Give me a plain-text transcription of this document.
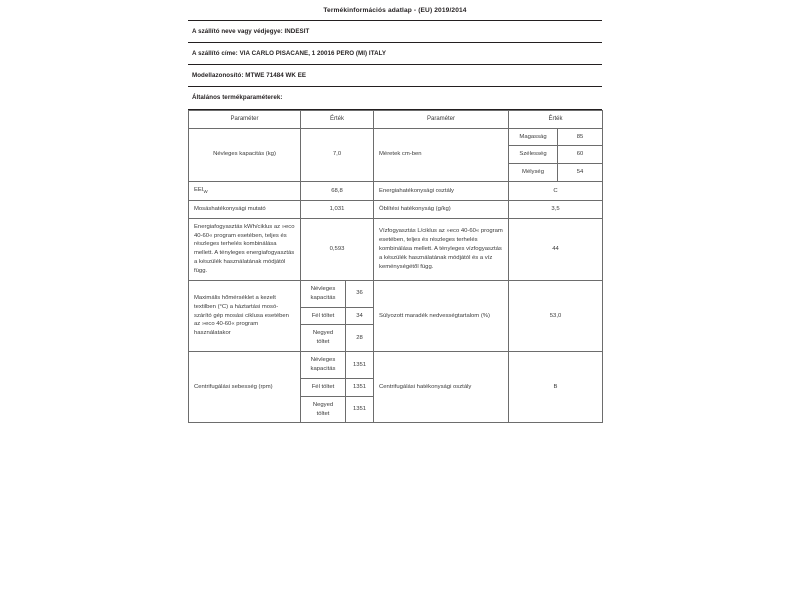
Termékinformációs adatlap - (EU) 2019/2014
A szállító neve vagy védjegye: INDESIT
A szállító címe: VIA CARLO PISACANE, 1 20016 PERO (MI) ITALY
Modellazonosító: MTWE 71484 WK EE
Általános termékparaméterek:
Paraméter	Érték		Paraméter	Érték	
Névleges kapacitás (kg)	7,0		Méretek cm-ben	Magasság	85
				Szélesség	60
				Mélység	54
$EEI_W$	68,8		Energiahatékonysági osztály	C	
Mosáshatékonysági mutató	1,031		Öblítési hatékonyság (g/kg)	3,5	
Energiafogyasztás kWh/ciklus az »eco 40-60« program esetében, teljes és részleges terhelés kombinálása mellett. A tényleges energiafogyasztás a készülék használatának módjától függ.	0,593		Vízfogyasztás L/ciklus az »eco 40-60« program esetében, teljes és részleges terhelés kombinálása mellett. A tényleges vízfogyasztás a készülék használatának módjától és a víz keménységétől függ.	44	
Maximális hőmérséklet a kezelt textilben (°C) a háztartási mosó-szárító gép mosási ciklusa esetében az »eco 40-60« program használatakor	Névleges kapacitás	36	Súlyozott maradék nedvességtartalom (%)	53,0	
	Fél töltet	34			
	Negyed töltet	28			
Centrifugálási sebesség (rpm)	Névleges kapacitás	1351	Centrifugálási hatékonysági osztály	B	
	Fél töltet	1351			
	Negyed töltet	1351			
